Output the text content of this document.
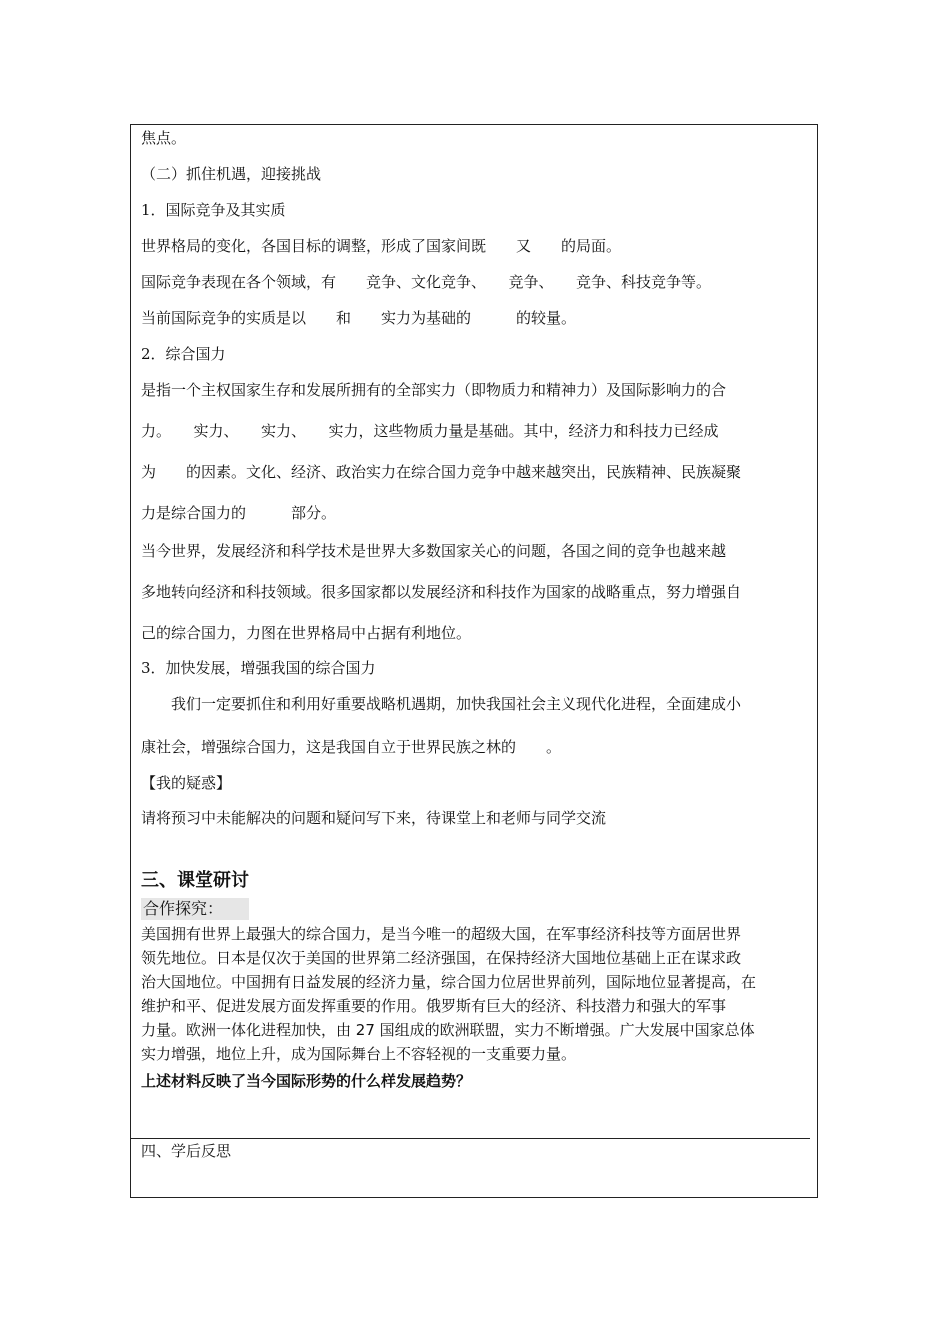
焦点。
（二）抓住机遇，迎接挑战
1．国际竞争及其实质
世界格局的变化，各国目标的调整，形成了国家间既　　又　　的局面。
国际竞争表现在各个领域，有　　竞争、文化竞争、　　竞争、　　竞争、科技竞争等。
当前国际竞争的实质是以　　和　　实力为基础的　　　的较量。
2．综合国力
是指一个主权国家生存和发展所拥有的全部实力（即物质力和精神力）及国际影响力的合
力。　　实力、　　实力、　　实力，这些物质力量是基础。其中，经济力和科技力已经成
为　　的因素。文化、经济、政治实力在综合国力竞争中越来越突出，民族精神、民族凝聚
力是综合国力的　　　部分。
当今世界，发展经济和科学技术是世界大多数国家关心的问题，各国之间的竞争也越来越
多地转向经济和科技领域。很多国家都以发展经济和科技作为国家的战略重点，努力增强自
己的综合国力，力图在世界格局中占据有利地位。
3．加快发展，增强我国的综合国力
　　我们一定要抓住和利用好重要战略机遇期，加快我国社会主义现代化进程，全面建成小
康社会，增强综合国力，这是我国自立于世界民族之林的　　。
【我的疑惑】
请将预习中未能解决的问题和疑问写下来，待课堂上和老师与同学交流
三、课堂研讨
合作探究：
美国拥有世界上最强大的综合国力，是当今唯一的超级大国，在军事经济科技等方面居世界
领先地位。日本是仅次于美国的世界第二经济强国，在保持经济大国地位基础上正在谋求政
治大国地位。中国拥有日益发展的经济力量，综合国力位居世界前列，国际地位显著提高，在
维护和平、促进发展方面发挥重要的作用。俄罗斯有巨大的经济、科技潜力和强大的军事
力量。欧洲一体化进程加快，由 27 国组成的欧洲联盟，实力不断增强。广大发展中国家总体
实力增强，地位上升，成为国际舞台上不容轻视的一支重要力量。
上述材料反映了当今国际形势的什么样发展趋势？
四、学后反思
